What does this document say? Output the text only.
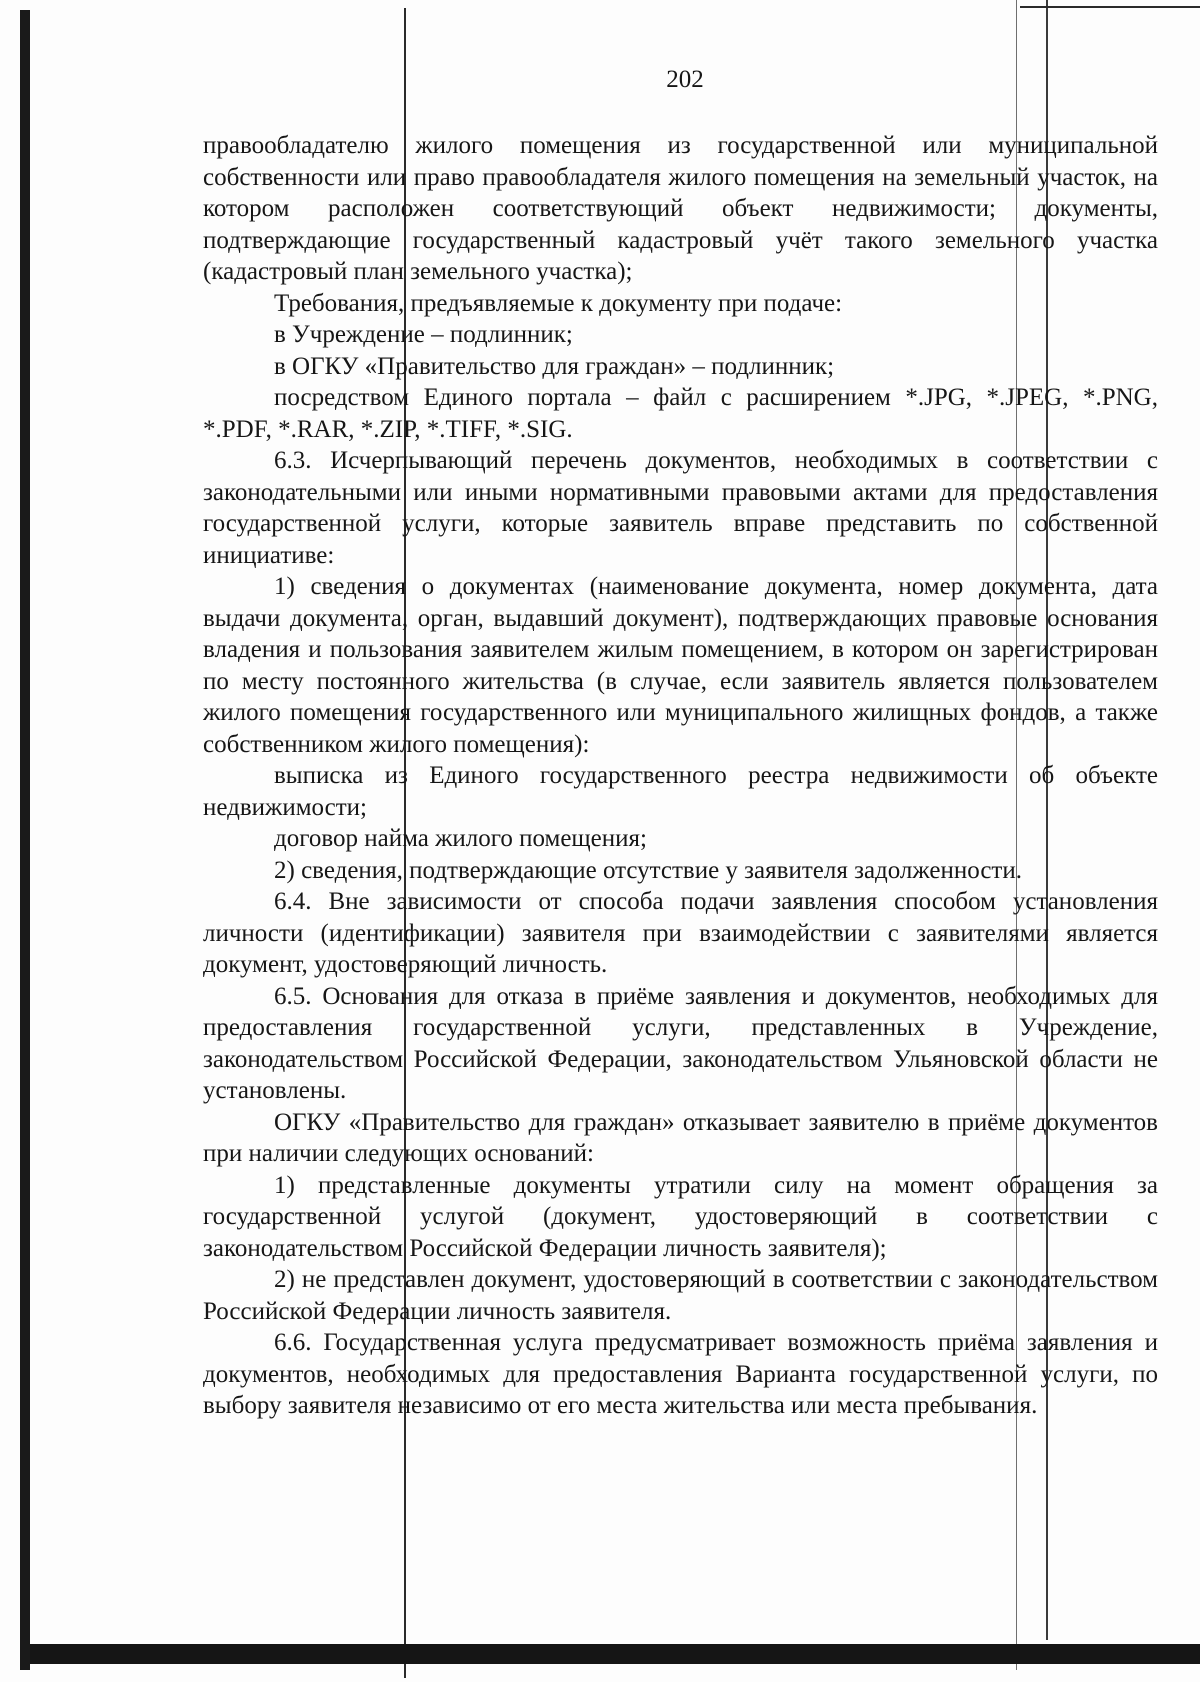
202

правообладателю жилого помещения из государственной или муниципальной собственности или право правообладателя жилого помещения на земельный участок, на котором расположен соответствующий объект недвижимости; документы, подтверждающие государственный кадастровый учёт такого земельного участка (кадастровый план земельного участка);

Требования, предъявляемые к документу при подаче:

в Учреждение – подлинник;

в ОГКУ «Правительство для граждан» – подлинник;

посредством Единого портала – файл с расширением *.JPG, *.JPEG, *.PNG, *.PDF, *.RAR, *.ZIP, *.TIFF, *.SIG.

6.3. Исчерпывающий перечень документов, необходимых в соответствии с законодательными или иными нормативными правовыми актами для предоставления государственной услуги, которые заявитель вправе представить по собственной инициативе:

1) сведения о документах (наименование документа, номер документа, дата выдачи документа, орган, выдавший документ), подтверждающих правовые основания владения и пользования заявителем жилым помещением, в котором он зарегистрирован по месту постоянного жительства (в случае, если заявитель является пользователем жилого помещения государственного или муниципального жилищных фондов, а также собственником жилого помещения):

выписка из Единого государственного реестра недвижимости об объекте недвижимости;

договор найма жилого помещения;

2) сведения, подтверждающие отсутствие у заявителя задолженности.

6.4. Вне зависимости от способа подачи заявления способом установления личности (идентификации) заявителя при взаимодействии с заявителями является документ, удостоверяющий личность.

6.5. Основания для отказа в приёме заявления и документов, необходимых для предоставления государственной услуги, представленных в Учреждение, законодательством Российской Федерации, законодательством Ульяновской области не установлены.

ОГКУ «Правительство для граждан» отказывает заявителю в приёме документов при наличии следующих оснований:

1) представленные документы утратили силу на момент обращения за государственной услугой (документ, удостоверяющий в соответствии с законодательством Российской Федерации личность заявителя);

2) не представлен документ, удостоверяющий в соответствии с законодательством Российской Федерации личность заявителя.

6.6. Государственная услуга предусматривает возможность приёма заявления и документов, необходимых для предоставления Варианта государственной услуги, по выбору заявителя независимо от его места жительства или места пребывания.
